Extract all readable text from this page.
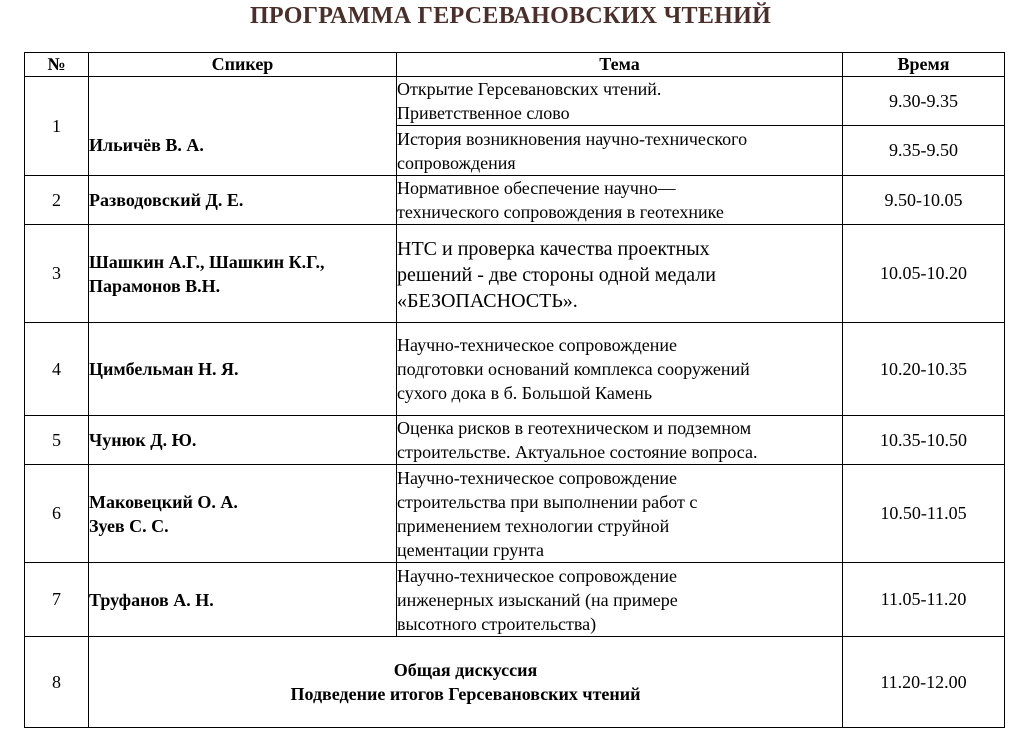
ПРОГРАММА ГЕРСЕВАНОВСКИХ ЧТЕНИЙ
№	Спикер	Тема	Время
1	Ильичёв В. А.	Открытие Герсевановских чтений.
Приветственное слово	9.30-9.35

		История возникновения научно-технического
сопровождения	9.35-9.50
2	Разводовский Д. Е.	Нормативное обеспечение научно—
технического сопровождения в геотехнике	9.50-10.05
3	Шашкин А.Г., Шашкин К.Г.,
Парамонов В.Н.	НТС и проверка качества проектных
решений - две стороны одной медали
«БЕЗОПАСНОСТЬ».	10.05-10.20
4	Цимбельман Н. Я.	Научно-техническое сопровождение
подготовки оснований комплекса сооружений
сухого дока в б. Большой Камень	10.20-10.35
5	Чунюк Д. Ю.	Оценка рисков в геотехническом и подземном
строительстве. Актуальное состояние вопроса.	10.35-10.50
6	Маковецкий О. А.
Зуев С. С.	Научно-техническое сопровождение
строительства при выполнении работ с
применением технологии струйной
цементации грунта	10.50-11.05
7	Труфанов А. Н.	Научно-техническое сопровождение
инженерных изысканий (на примере
высотного строительства)	11.05-11.20
8	Общая дискуссия
Подведение итогов Герсевановских чтений		11.20-12.00
